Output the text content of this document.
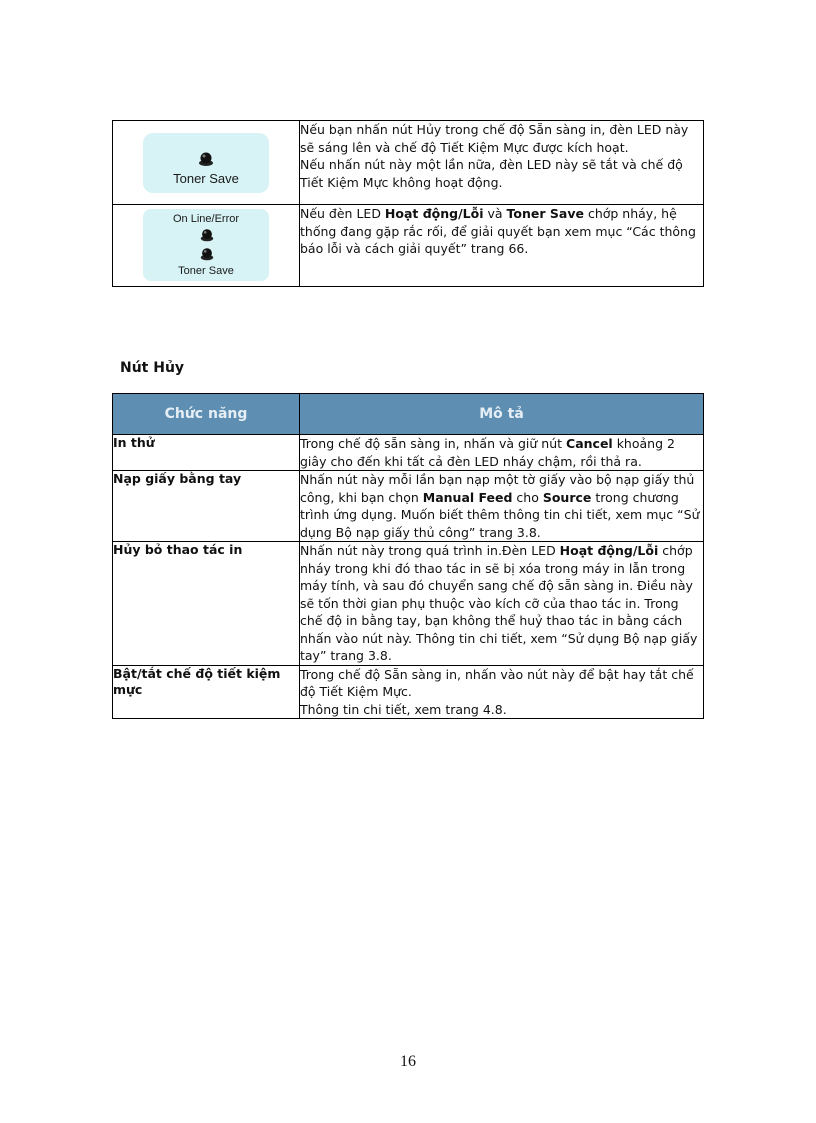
Toner Save	Nếu bạn nhấn nút Hủy trong chế độ Sẵn sàng in, đèn LED này sẽ sáng lên và chế độ Tiết Kiệm Mực được kích hoạt.
Nếu nhấn nút này một lần nữa, đèn LED này sẽ tắt và chế độ Tiết Kiệm Mực không hoạt động.

On Line/Error
Toner Save	Nếu đèn LED Hoạt động/Lỗi và Toner Save chớp nháy, hệ thống đang gặp rắc rối, để giải quyết bạn xem mục “Các thông báo lỗi và cách giải quyết” trang 66.
Nút Hủy
Chức năng	Mô tả
In thử	Trong chế độ sẵn sàng in, nhấn và giữ nút Cancel khoảng 2 giây cho đến khi tất cả đèn LED nháy chậm, rồi thả ra.
Nạp giấy bằng tay	Nhấn nút này mỗi lần bạn nạp một tờ giấy vào bộ nạp giấy thủ công, khi bạn chọn Manual Feed cho Source trong chương trình ứng dụng. Muốn biết thêm thông tin chi tiết, xem mục “Sử dụng Bộ nạp giấy thủ công” trang 3.8.
Hủy bỏ thao tác in	Nhấn nút này trong quá trình in.Đèn LED Hoạt động/Lỗi chớp nháy trong khi đó thao tác in sẽ bị xóa trong máy in lẫn trong máy tính, và sau đó chuyển sang chế độ sẵn sàng in. Điều này sẽ tốn thời gian phụ thuộc vào kích cỡ của thao tác in. Trong chế độ in bằng tay, bạn không thể huỷ thao tác in bằng cách nhấn vào nút này. Thông tin chi tiết, xem “Sử dụng Bộ nạp giấy tay” trang 3.8.
Bật/tắt chế độ tiết kiệm mực	Trong chế độ Sẵn sàng in, nhấn vào nút này để bật hay tắt chế độ Tiết Kiệm Mực.
Thông tin chi tiết, xem trang 4.8.

16
